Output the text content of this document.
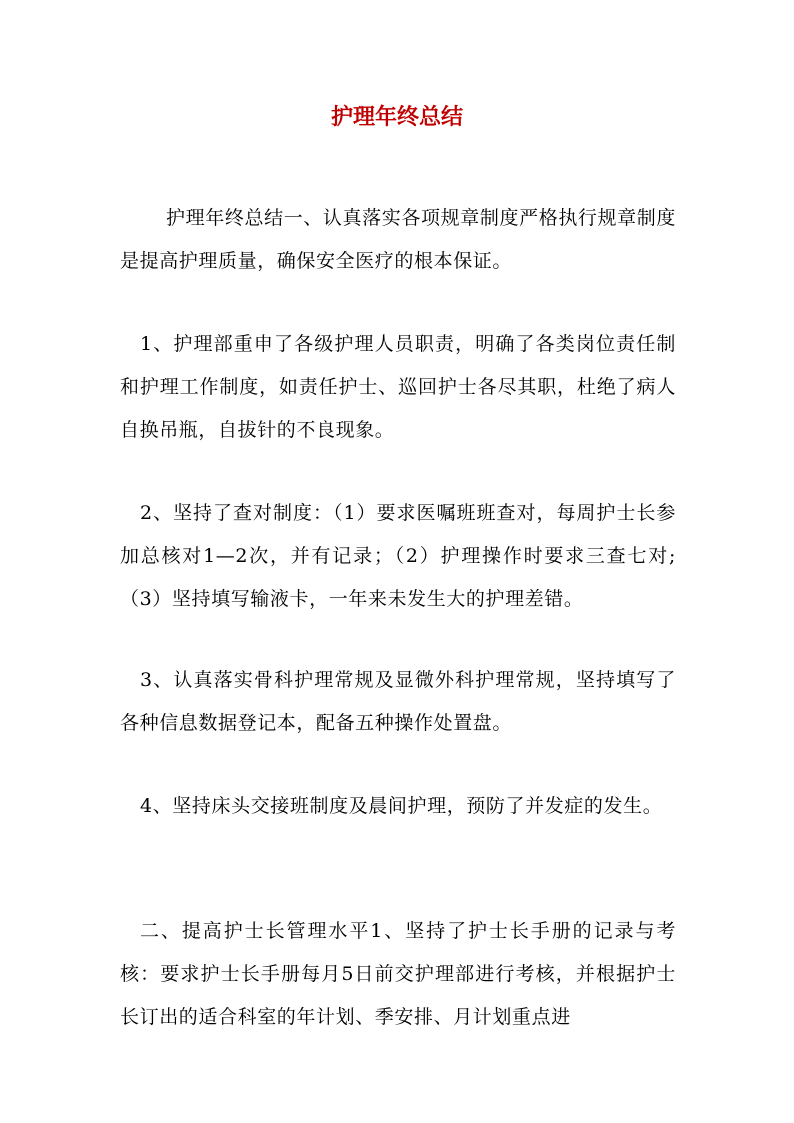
护理年终总结

护理年终总结一、认真落实各项规章制度严格执行规章制度是提高护理质量，确保安全医疗的根本保证。

1、护理部重申了各级护理人员职责，明确了各类岗位责任制和护理工作制度，如责任护士、巡回护士各尽其职，杜绝了病人自换吊瓶，自拔针的不良现象。

2、坚持了查对制度：（1）要求医嘱班班查对，每周护士长参加总核对1—2次，并有记录；（2）护理操作时要求三查七对;（3）坚持填写输液卡，一年来未发生大的护理差错。

3、认真落实骨科护理常规及显微外科护理常规，坚持填写了各种信息数据登记本，配备五种操作处置盘。

4、坚持床头交接班制度及晨间护理，预防了并发症的发生。

二、提高护士长管理水平1、坚持了护士长手册的记录与考核：要求护士长手册每月5日前交护理部进行考核，并根据护士长订出的适合科室的年计划、季安排、月计划重点进
